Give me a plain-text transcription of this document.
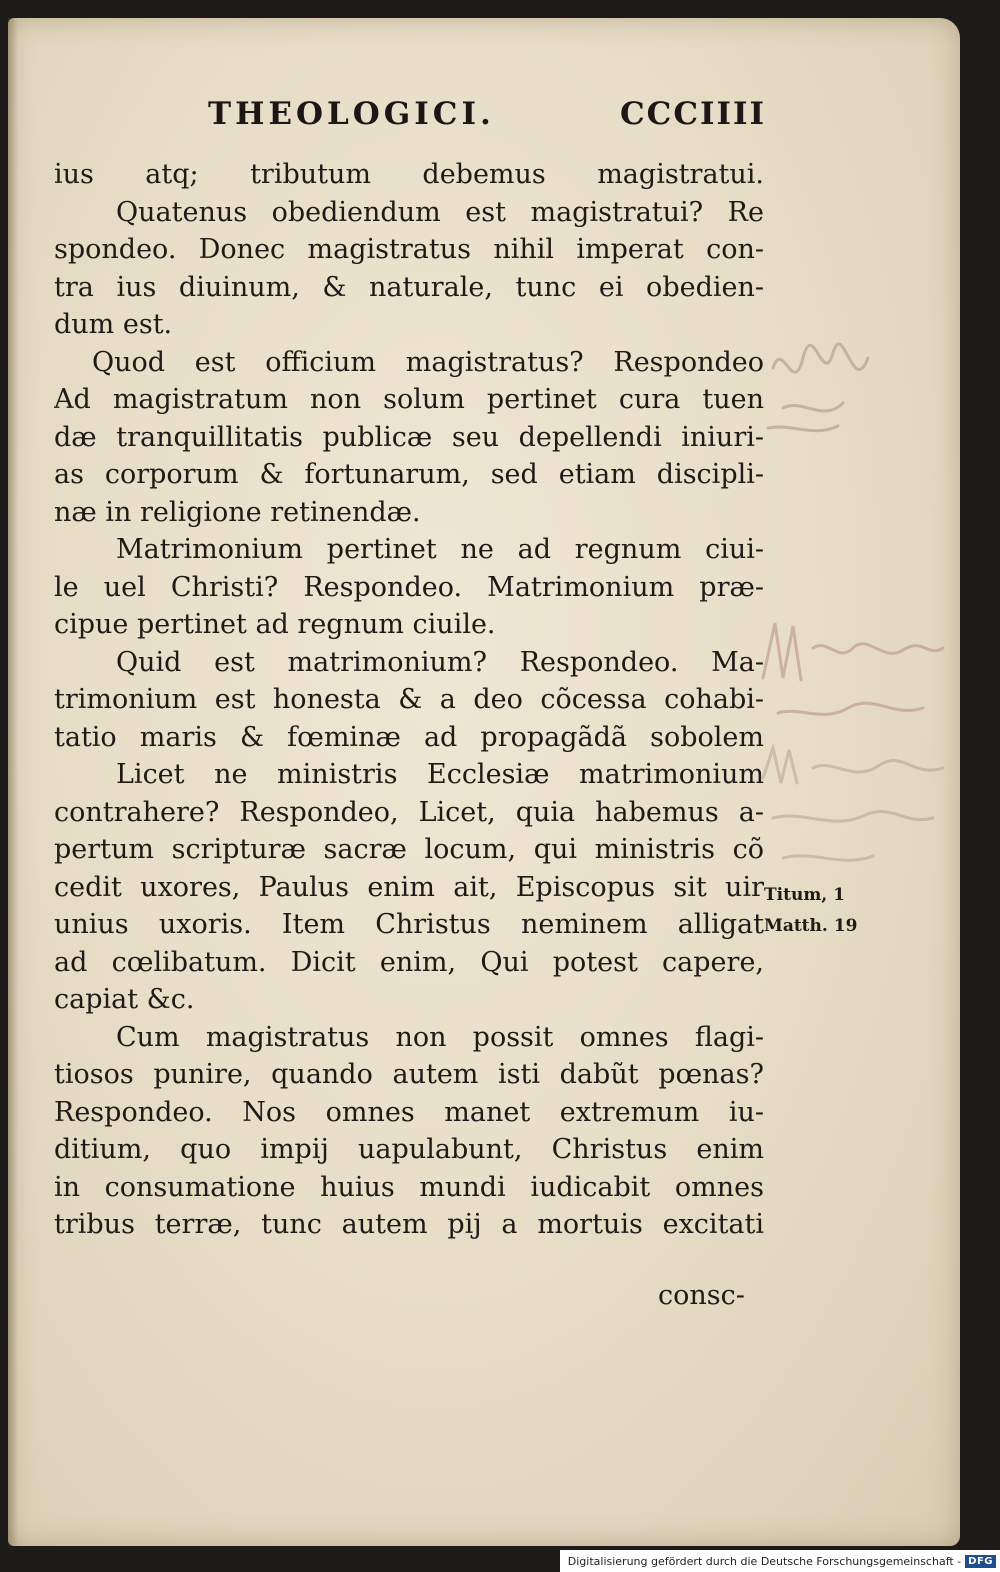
THEOLOGICI.	CCCIIII
ius atq; tributum debemus magistratui.
Quatenus obediendum est magistratui? Re
spondeo. Donec magistratus nihil imperat con-
tra ius diuinum, & naturale, tunc ei obedien-
dum est.
Quod est officium magistratus? Respondeo
Ad magistratum non solum pertinet cura tuen
dæ tranquillitatis publicæ seu depellendi iniuri-
as corporum & fortunarum, sed etiam discipli-
næ in religione retinendæ.
Matrimonium pertinet ne ad regnum ciui-
le uel Christi? Respondeo. Matrimonium præ-
cipue pertinet ad regnum ciuile.
Quid est matrimonium? Respondeo. Ma-
trimonium est honesta & a deo cõcessa cohabi-
tatio maris & fœminæ ad propagãdã sobolem
Licet ne ministris Ecclesiæ matrimonium
contrahere? Respondeo, Licet, quia habemus a-
pertum scripturæ sacræ locum, qui ministris cõ
cedit uxores, Paulus enim ait, Episcopus sit uir
unius uxoris. Item Christus neminem alligat
ad cœlibatum. Dicit enim, Qui potest capere,
capiat &c.
Cum magistratus non possit omnes flagi-
tiosos punire, quando autem isti dabũt pœnas?
Respondeo. Nos omnes manet extremum iu-
ditium, quo impij uapulabunt, Christus enim
in consumatione huius mundi iudicabit omnes
tribus terræ, tunc autem pij a mortuis excitati
consc-
Titum, 1
Matth. 19
Digitalisierung gefördert durch die Deutsche Forschungsgemeinschaft - DFG
